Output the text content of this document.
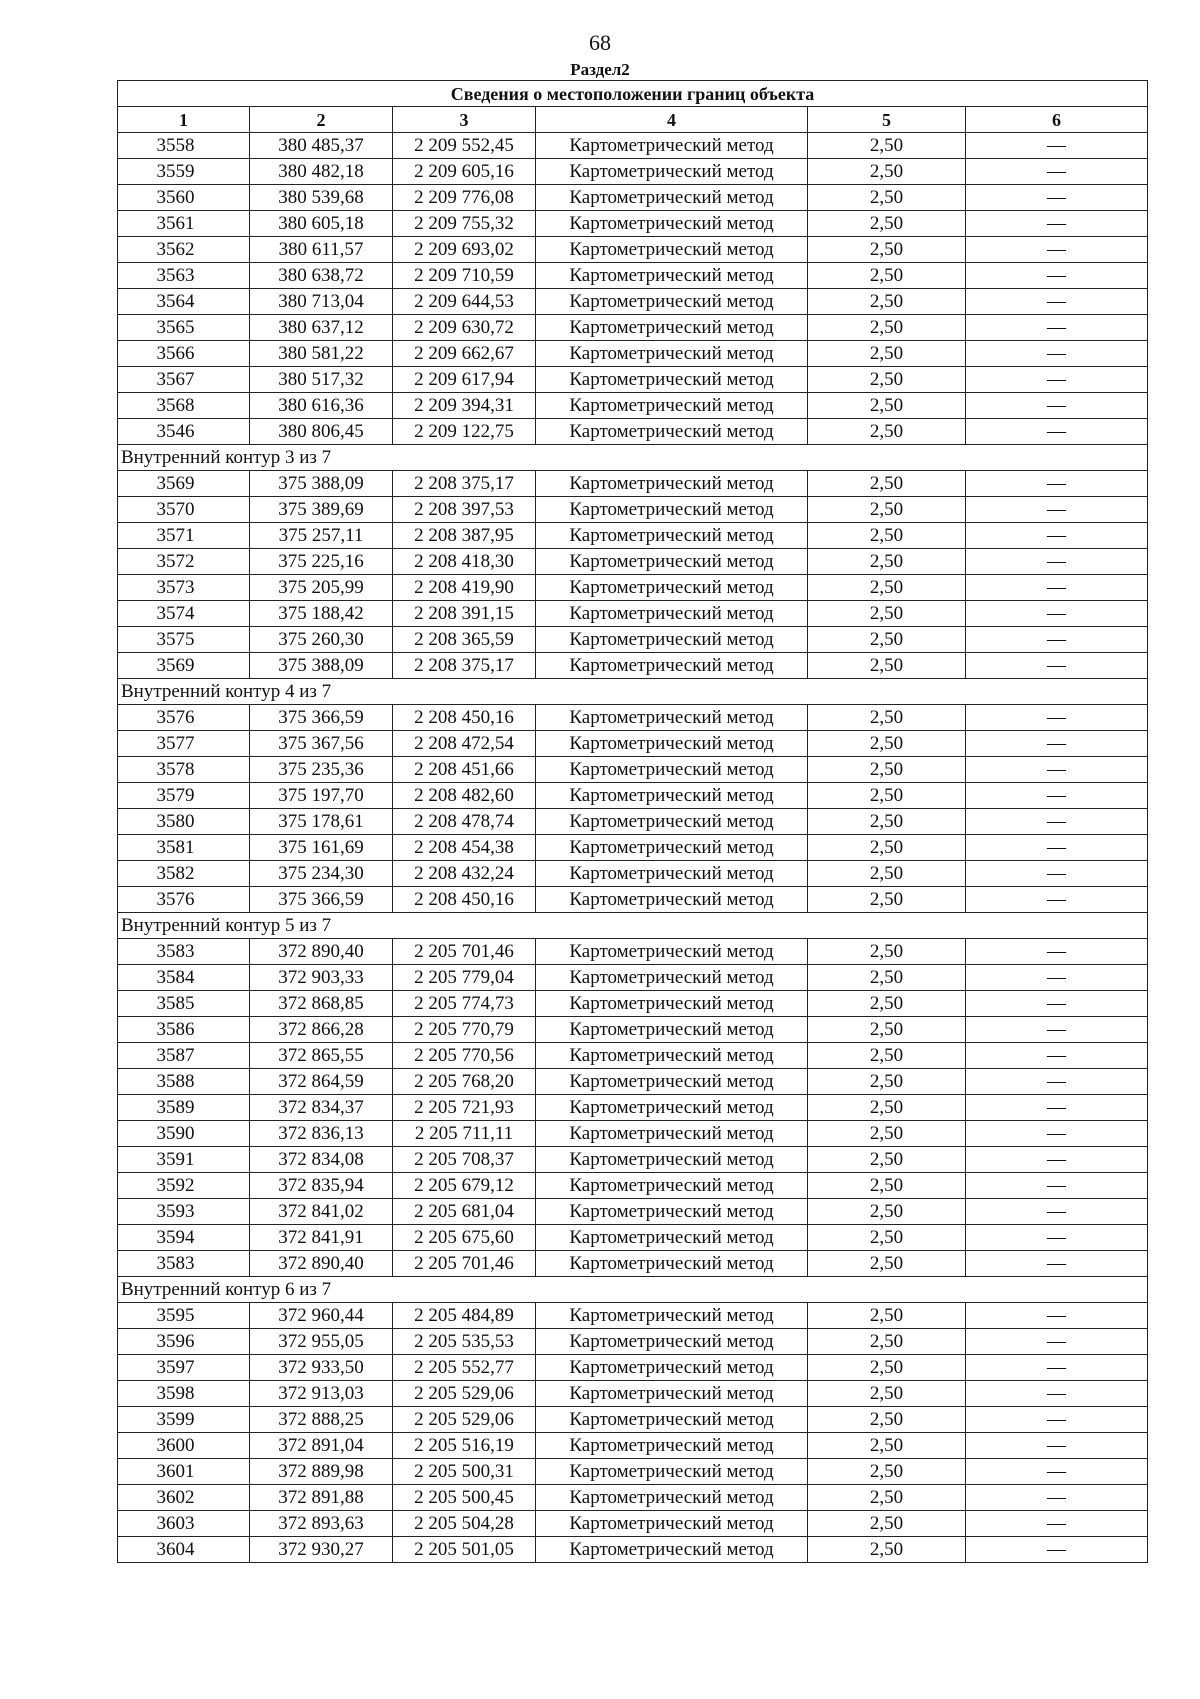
68
Раздел2
Сведения о местоположении границ объекта					
1	2	3	4	5	6
3558	380 485,37	2 209 552,45	Картометрический метод	2,50	—
3559	380 482,18	2 209 605,16	Картометрический метод	2,50	—
3560	380 539,68	2 209 776,08	Картометрический метод	2,50	—
3561	380 605,18	2 209 755,32	Картометрический метод	2,50	—
3562	380 611,57	2 209 693,02	Картометрический метод	2,50	—
3563	380 638,72	2 209 710,59	Картометрический метод	2,50	—
3564	380 713,04	2 209 644,53	Картометрический метод	2,50	—
3565	380 637,12	2 209 630,72	Картометрический метод	2,50	—
3566	380 581,22	2 209 662,67	Картометрический метод	2,50	—
3567	380 517,32	2 209 617,94	Картометрический метод	2,50	—
3568	380 616,36	2 209 394,31	Картометрический метод	2,50	—
3546	380 806,45	2 209 122,75	Картометрический метод	2,50	—
Внутренний контур 3 из 7					
3569	375 388,09	2 208 375,17	Картометрический метод	2,50	—
3570	375 389,69	2 208 397,53	Картометрический метод	2,50	—
3571	375 257,11	2 208 387,95	Картометрический метод	2,50	—
3572	375 225,16	2 208 418,30	Картометрический метод	2,50	—
3573	375 205,99	2 208 419,90	Картометрический метод	2,50	—
3574	375 188,42	2 208 391,15	Картометрический метод	2,50	—
3575	375 260,30	2 208 365,59	Картометрический метод	2,50	—
3569	375 388,09	2 208 375,17	Картометрический метод	2,50	—
Внутренний контур 4 из 7					
3576	375 366,59	2 208 450,16	Картометрический метод	2,50	—
3577	375 367,56	2 208 472,54	Картометрический метод	2,50	—
3578	375 235,36	2 208 451,66	Картометрический метод	2,50	—
3579	375 197,70	2 208 482,60	Картометрический метод	2,50	—
3580	375 178,61	2 208 478,74	Картометрический метод	2,50	—
3581	375 161,69	2 208 454,38	Картометрический метод	2,50	—
3582	375 234,30	2 208 432,24	Картометрический метод	2,50	—
3576	375 366,59	2 208 450,16	Картометрический метод	2,50	—
Внутренний контур 5 из 7					
3583	372 890,40	2 205 701,46	Картометрический метод	2,50	—
3584	372 903,33	2 205 779,04	Картометрический метод	2,50	—
3585	372 868,85	2 205 774,73	Картометрический метод	2,50	—
3586	372 866,28	2 205 770,79	Картометрический метод	2,50	—
3587	372 865,55	2 205 770,56	Картометрический метод	2,50	—
3588	372 864,59	2 205 768,20	Картометрический метод	2,50	—
3589	372 834,37	2 205 721,93	Картометрический метод	2,50	—
3590	372 836,13	2 205 711,11	Картометрический метод	2,50	—
3591	372 834,08	2 205 708,37	Картометрический метод	2,50	—
3592	372 835,94	2 205 679,12	Картометрический метод	2,50	—
3593	372 841,02	2 205 681,04	Картометрический метод	2,50	—
3594	372 841,91	2 205 675,60	Картометрический метод	2,50	—
3583	372 890,40	2 205 701,46	Картометрический метод	2,50	—
Внутренний контур 6 из 7					
3595	372 960,44	2 205 484,89	Картометрический метод	2,50	—
3596	372 955,05	2 205 535,53	Картометрический метод	2,50	—
3597	372 933,50	2 205 552,77	Картометрический метод	2,50	—
3598	372 913,03	2 205 529,06	Картометрический метод	2,50	—
3599	372 888,25	2 205 529,06	Картометрический метод	2,50	—
3600	372 891,04	2 205 516,19	Картометрический метод	2,50	—
3601	372 889,98	2 205 500,31	Картометрический метод	2,50	—
3602	372 891,88	2 205 500,45	Картометрический метод	2,50	—
3603	372 893,63	2 205 504,28	Картометрический метод	2,50	—
3604	372 930,27	2 205 501,05	Картометрический метод	2,50	—
